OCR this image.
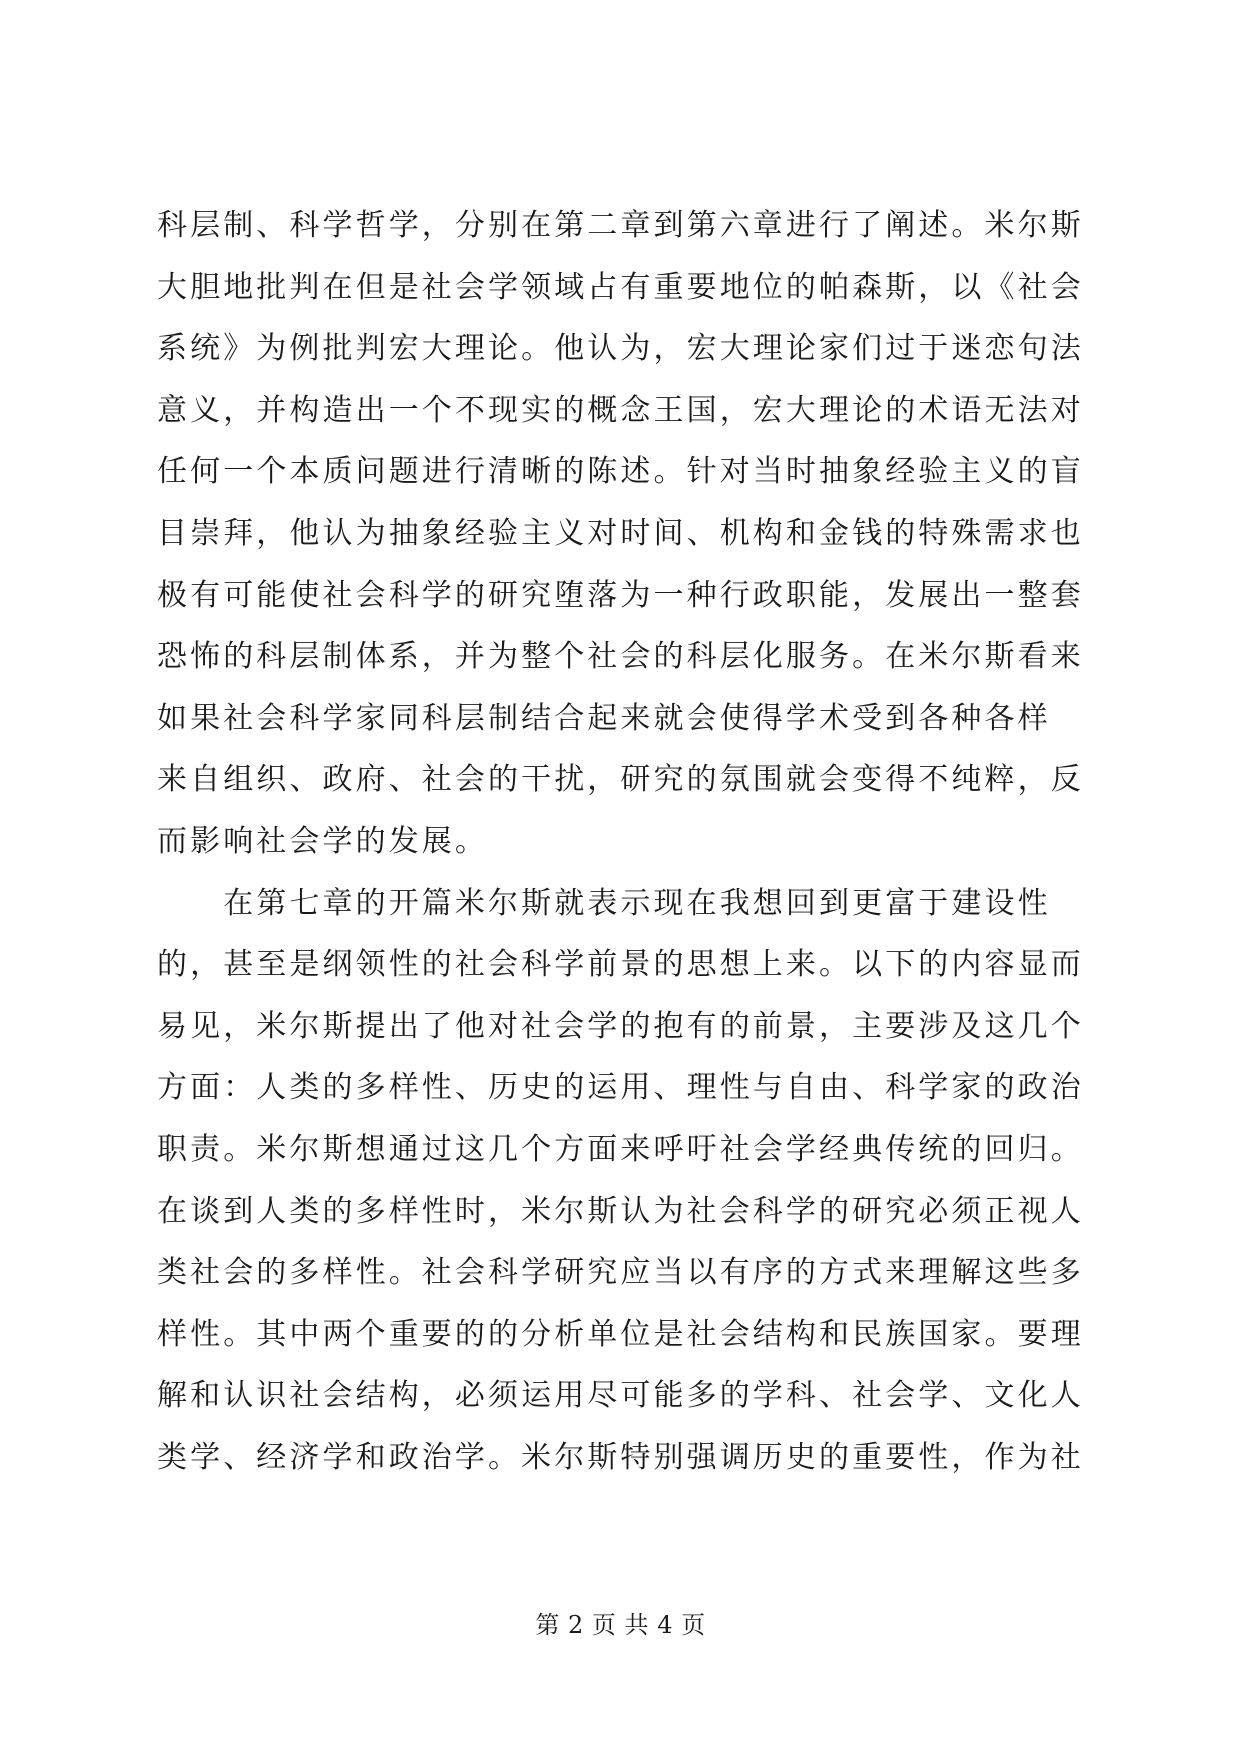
科层制、科学哲学，分别在第二章到第六章进行了阐述。米尔斯
大胆地批判在但是社会学领域占有重要地位的帕森斯，以《社会
系统》为例批判宏大理论。他认为，宏大理论家们过于迷恋句法
意义，并构造出一个不现实的概念王国，宏大理论的术语无法对
任何一个本质问题进行清晰的陈述。针对当时抽象经验主义的盲
目崇拜，他认为抽象经验主义对时间、机构和金钱的特殊需求也
极有可能使社会科学的研究堕落为一种行政职能，发展出一整套
恐怖的科层制体系，并为整个社会的科层化服务。在米尔斯看来
如果社会科学家同科层制结合起来就会使得学术受到各种各样
来自组织、政府、社会的干扰，研究的氛围就会变得不纯粹，反
而影响社会学的发展。
　　在第七章的开篇米尔斯就表示现在我想回到更富于建设性
的，甚至是纲领性的社会科学前景的思想上来。以下的内容显而
易见，米尔斯提出了他对社会学的抱有的前景，主要涉及这几个
方面：人类的多样性、历史的运用、理性与自由、科学家的政治
职责。米尔斯想通过这几个方面来呼吁社会学经典传统的回归。
在谈到人类的多样性时，米尔斯认为社会科学的研究必须正视人
类社会的多样性。社会科学研究应当以有序的方式来理解这些多
样性。其中两个重要的的分析单位是社会结构和民族国家。要理
解和认识社会结构，必须运用尽可能多的学科、社会学、文化人
类学、经济学和政治学。米尔斯特别强调历史的重要性，作为社
第 2 页 共 4 页
